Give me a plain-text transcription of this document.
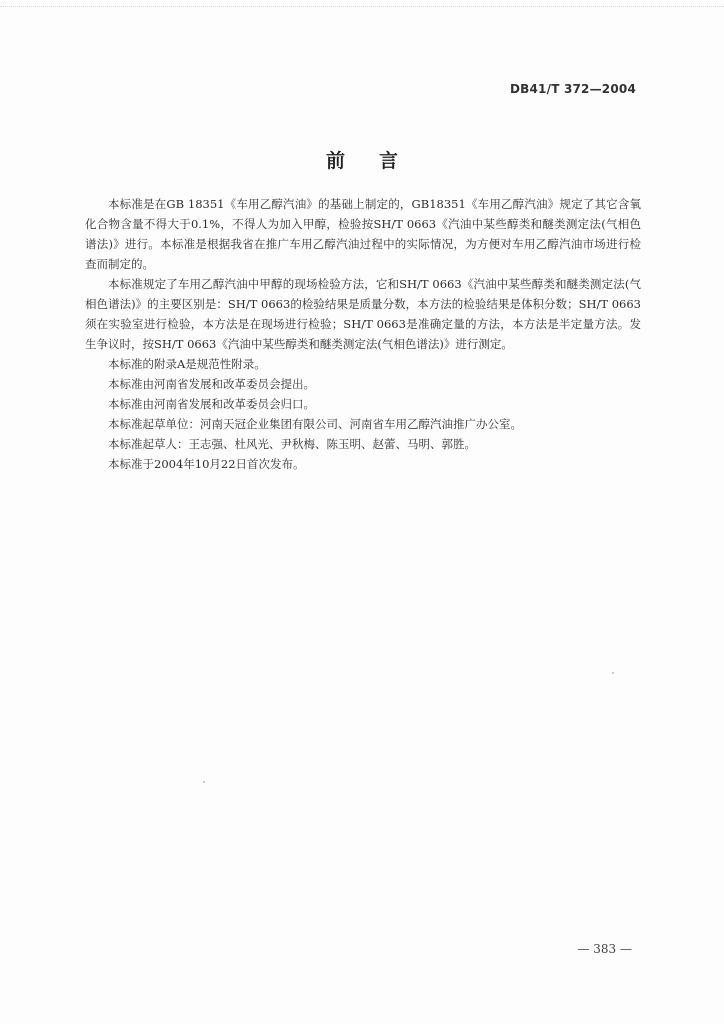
DB41/T 372—2004
前言

本标准是在GB 18351《车用乙醇汽油》的基础上制定的，GB18351《车用乙醇汽油》规定了其它含氧化合物含量不得大于0.1%，不得人为加入甲醇，检验按SH/T 0663《汽油中某些醇类和醚类测定法(气相色谱法)》进行。本标准是根据我省在推广车用乙醇汽油过程中的实际情况，为方便对车用乙醇汽油市场进行检查而制定的。

本标准规定了车用乙醇汽油中甲醇的现场检验方法，它和SH/T 0663《汽油中某些醇类和醚类测定法(气相色谱法)》的主要区别是：SH/T 0663的检验结果是质量分数，本方法的检验结果是体积分数；SH/T 0663须在实验室进行检验，本方法是在现场进行检验；SH/T 0663是准确定量的方法，本方法是半定量方法。发生争议时，按SH/T 0663《汽油中某些醇类和醚类测定法(气相色谱法)》进行测定。

本标准的附录A是规范性附录。

本标准由河南省发展和改革委员会提出。

本标准由河南省发展和改革委员会归口。

本标准起草单位：河南天冠企业集团有限公司、河南省车用乙醇汽油推广办公室。

本标准起草人：王志强、杜风光、尹秋梅、陈玉明、赵蕾、马明、郭胜。

本标准于2004年10月22日首次发布。

— 383 —
